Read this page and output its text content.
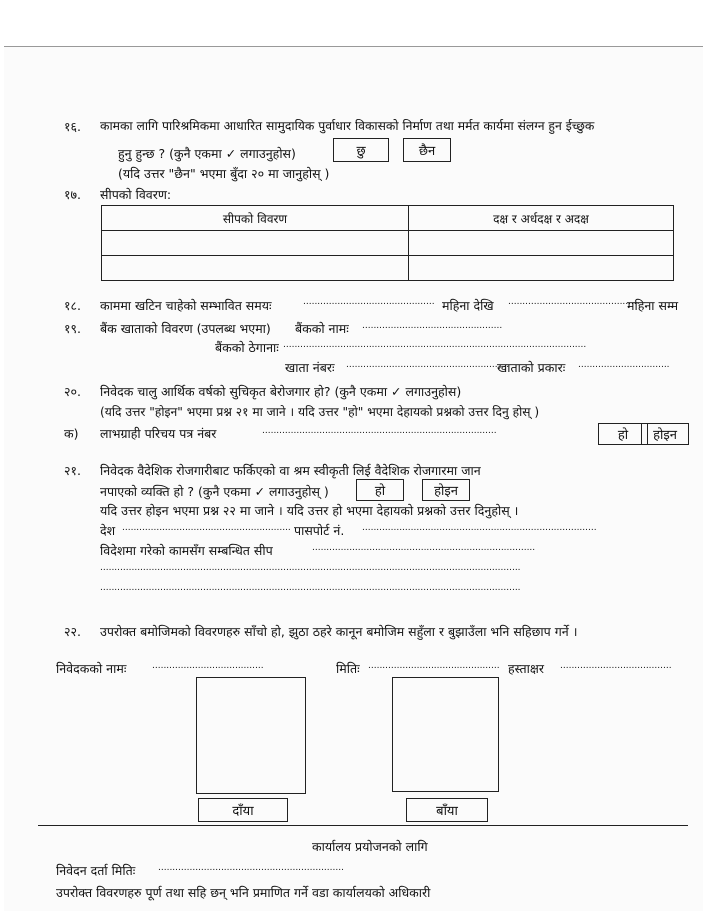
१६. कामका लागि पारिश्रमिकमा आधारित सामुदायिक पुर्वाधार विकासको निर्माण तथा मर्मत कार्यमा संलग्न हुन ईच्छुक
हुनु हुन्छ ? (कुनै एकमा ✓ लगाउनुहोस)	छु	छैन
(यदि उत्तर "छैन" भएमा बुँदा २० मा जानुहोस् )
१७. सीपको विवरण:
सीपको विवरण	दक्ष र अर्धदक्ष र अदक्ष

१८. काममा खटिन चाहेको सम्भावित समयः	.............................................. महिना देखि ..............................................
महिना सम्म
१९. बैंक खाताको विवरण (उपलब्ध भएमा) बैंकको नामः .................................................
बैंकको ठेगानाः ..........................................................................................................
खाता नंबरः .........................................................
खाताको प्रकारः ................................
२०. निवेदक चालु आर्थिक वर्षको सुचिकृत बेरोजगार हो? (कुनै एकमा ✓ लगाउनुहोस)
(यदि उत्तर "होइन" भएमा प्रश्न २१ मा जाने । यदि उत्तर "हो" भएमा देहायको प्रश्नको उत्तर दिनु होस् )
क) लाभग्राही परिचय पत्र नंबर	..................................................................................	हो	होइन
२१. निवेदक वैदेशिक रोजगारीबाट फर्किएको वा श्रम स्वीकृती लिई वैदेशिक रोजगारमा जान
नपाएको व्यक्ति हो ? (कुनै एकमा ✓ लगाउनुहोस् )	हो	होइन
यदि उत्तर होइन भएमा प्रश्न २२ मा जाने । यदि उत्तर हो भएमा देहायको प्रश्नको उत्तर दिनुहोस् ।
देश ........................................................... पासपोर्ट नं. ..................................................................................
विदेशमा गरेको कामसँग सम्बन्धित सीप	..............................................................................
...................................................................................................................................................
...................................................................................................................................................
२२. उपरोक्त बमोजिमको विवरणहरु साँचो हो, झुठा ठहरे कानून बमोजिम सहुँला र बुझाउँला भनि सहिछाप गर्ने ।
निवेदकको नामः	.......................................	मितिः .............................................. हस्ताक्षर .......................................
दाँया	बाँया
कार्यालय प्रयोजनको लागि
निवेदन दर्ता मितिः	.................................................................
उपरोक्त विवरणहरु पूर्ण तथा सहि छन् भनि प्रमाणित गर्ने वडा कार्यालयको अधिकारी
